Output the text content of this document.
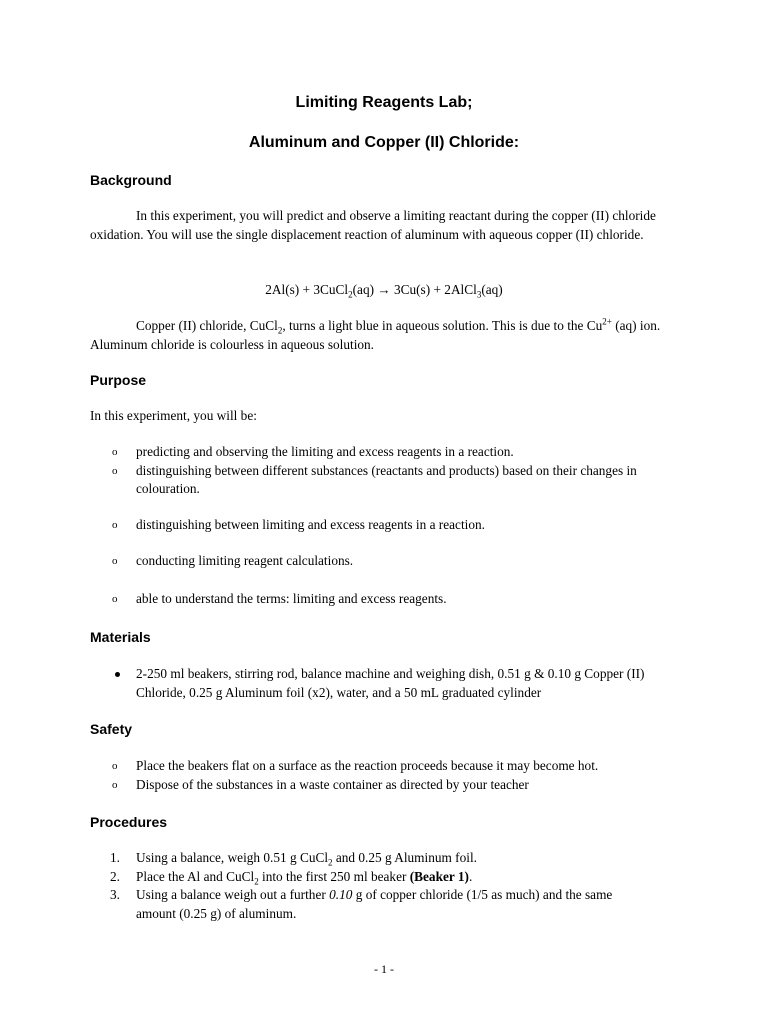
Limiting Reagents Lab;
Aluminum and Copper (II) Chloride:
Background
In this experiment, you will predict and observe a limiting reactant during the copper (II) chloride oxidation. You will use the single displacement reaction of aluminum with aqueous copper (II) chloride.
2Al(s) + 3CuCl$_2$(aq) → 3Cu(s) + 2AlCl$_3$(aq)
Copper (II) chloride, CuCl$_2$, turns a light blue in aqueous solution. This is due to the $Cu^{2+}$ (aq) ion. Aluminum chloride is colourless in aqueous solution.
Purpose
In this experiment, you will be:
o predicting and observing the limiting and excess reagents in a reaction.
o distinguishing between different substances (reactants and products) based on their changes in colouration.
o distinguishing between limiting and excess reagents in a reaction.
o conducting limiting reagent calculations.
o able to understand the terms: limiting and excess reagents.
Materials
2-250 ml beakers, stirring rod, balance machine and weighing dish, 0.51 g & 0.10 g Copper (II) Chloride, 0.25 g Aluminum foil (x2), water, and a 50 mL graduated cylinder
Safety
o Place the beakers flat on a surface as the reaction proceeds because it may become hot.
o Dispose of the substances in a waste container as directed by your teacher
Procedures
1. Using a balance, weigh 0.51 g CuCl$_2$ and 0.25 g Aluminum foil.
2. Place the Al and CuCl$_2$ into the first 250 ml beaker (Beaker 1).
3. Using a balance weigh out a further 0.10 g of copper chloride (1/5 as much) and the same amount (0.25 g) of aluminum.
- 1 -
